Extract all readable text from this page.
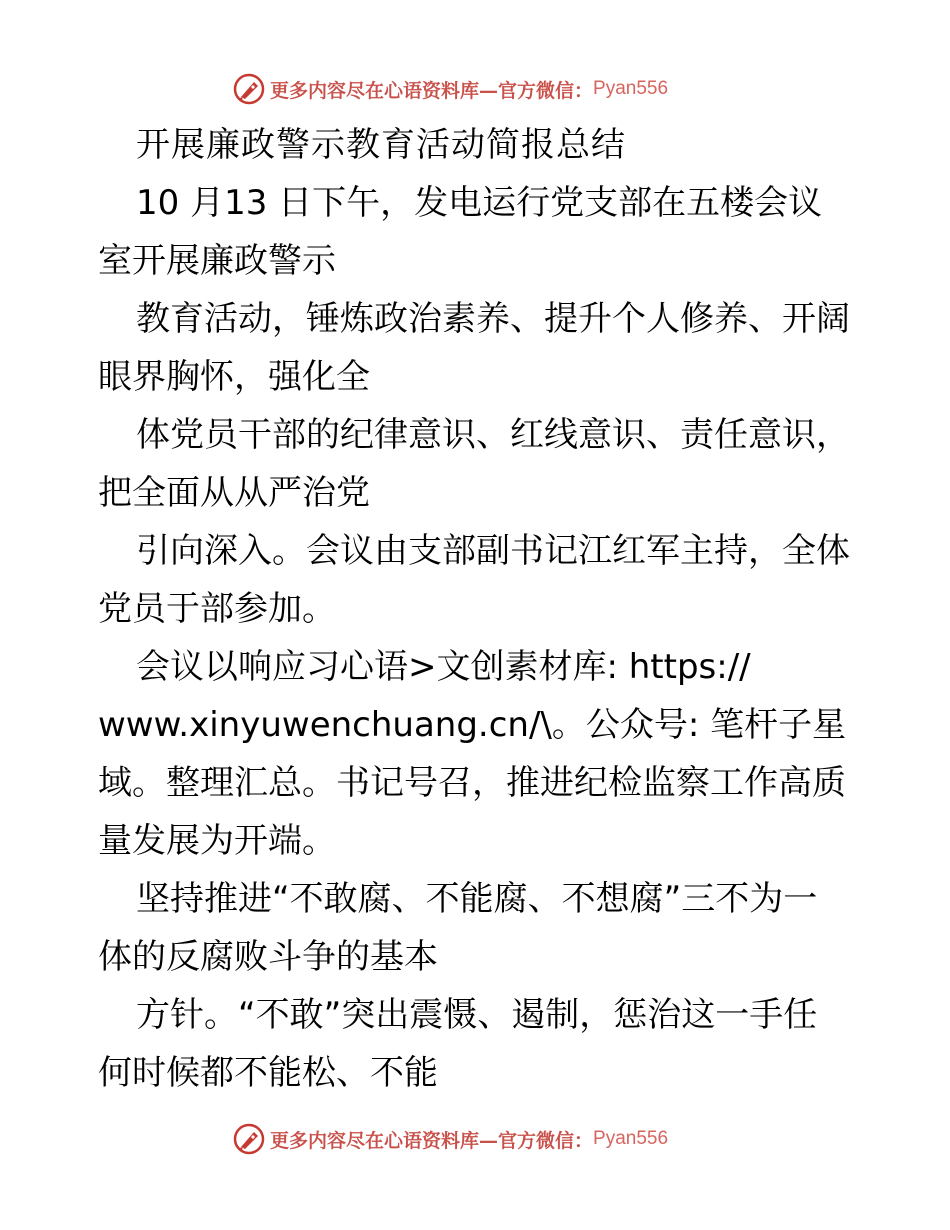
更多内容尽在心语资料库—官方微信： Pyan556
开展廉政警示教育活动简报总结
10 月13 日下午，发电运行党支部在五楼会议
室开展廉政警示
教育活动，锤炼政治素养、提升个人修养、开阔
眼界胸怀，强化全
体党员干部的纪律意识、红线意识、责任意识，
把全面从从严治党
引向深入。会议由支部副书记江红军主持，全体
党员于部参加。
会议以响应习心语>文创素材库: https://
www.xinyuwenchuang.cn/\。公众号: 笔杆子星
域。整理汇总。书记号召，推进纪检监察工作高质
量发展为开端。
坚持推进“不敢腐、不能腐、不想腐”三不为一
体的反腐败斗争的基本
方针。“不敢”突出震慑、遏制，惩治这一手任
何时候都不能松、不能
更多内容尽在心语资料库—官方微信： Pyan556
